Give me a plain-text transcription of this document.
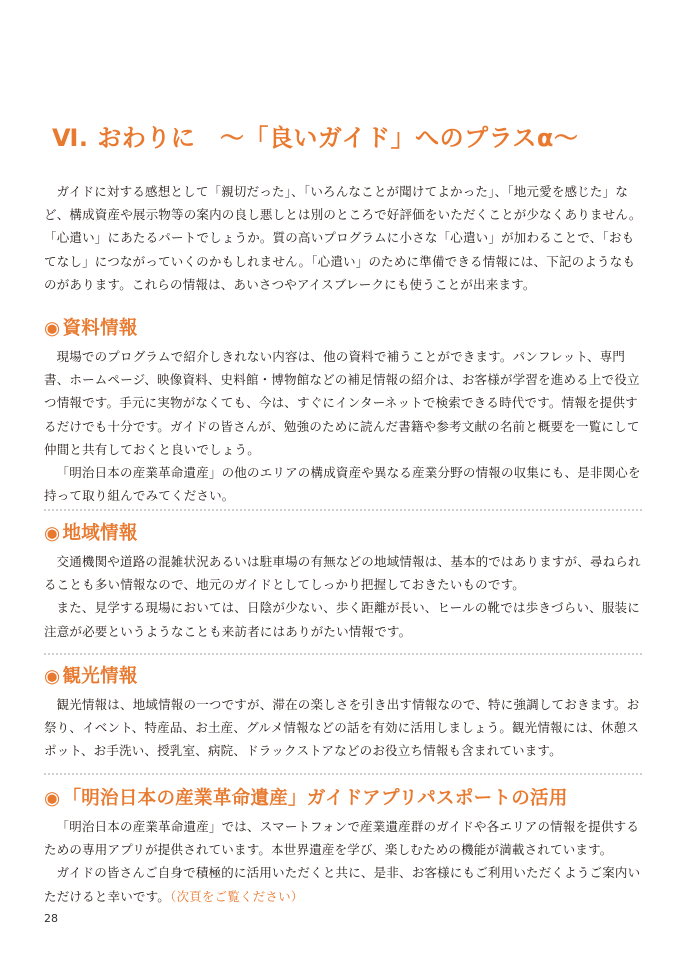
Ⅵ. おわりに　～「良いガイド」へのプラスα～

ガイドに対する感想として「親切だった」、「いろんなことが聞けてよかった」、「地元愛を感じた」など、構成資産や展示物等の案内の良し悪しとは別のところで好評価をいただくことが少なくありません。「心遣い」にあたるパートでしょうか。質の高いプログラムに小さな「心遣い」が加わることで、「おもてなし」につながっていくのかもしれません。「心遣い」のために準備できる情報には、下記のようなものがあります。これらの情報は、あいさつやアイスブレークにも使うことが出来ます。

◉ 資料情報

現場でのプログラムで紹介しきれない内容は、他の資料で補うことができます。パンフレット、専門書、ホームページ、映像資料、史料館・博物館などの補足情報の紹介は、お客様が学習を進める上で役立つ情報です。手元に実物がなくても、今は、すぐにインターネットで検索できる時代です。情報を提供するだけでも十分です。ガイドの皆さんが、勉強のために読んだ書籍や参考文献の名前と概要を一覧にして仲間と共有しておくと良いでしょう。

「明治日本の産業革命遺産」の他のエリアの構成資産や異なる産業分野の情報の収集にも、是非関心を持って取り組んでみてください。

◉ 地域情報

交通機関や道路の混雑状況あるいは駐車場の有無などの地域情報は、基本的ではありますが、尋ねられることも多い情報なので、地元のガイドとしてしっかり把握しておきたいものです。

また、見学する現場においては、日陰が少ない、歩く距離が長い、ヒールの靴では歩きづらい、服装に注意が必要というようなことも来訪者にはありがたい情報です。

◉ 観光情報

観光情報は、地域情報の一つですが、滞在の楽しさを引き出す情報なので、特に強調しておきます。お祭り、イベント、特産品、お土産、グルメ情報などの話を有効に活用しましょう。観光情報には、休憩スポット、お手洗い、授乳室、病院、ドラックストアなどのお役立ち情報も含まれています。

◉ 「明治日本の産業革命遺産」ガイドアプリパスポートの活用

「明治日本の産業革命遺産」では、スマートフォンで産業遺産群のガイドや各エリアの情報を提供するための専用アプリが提供されています。本世界遺産を学び、楽しむための機能が満載されています。

ガイドの皆さんご自身で積極的に活用いただくと共に、是非、お客様にもご利用いただくようご案内いただけると幸いです。（次頁をご覧ください）

28
